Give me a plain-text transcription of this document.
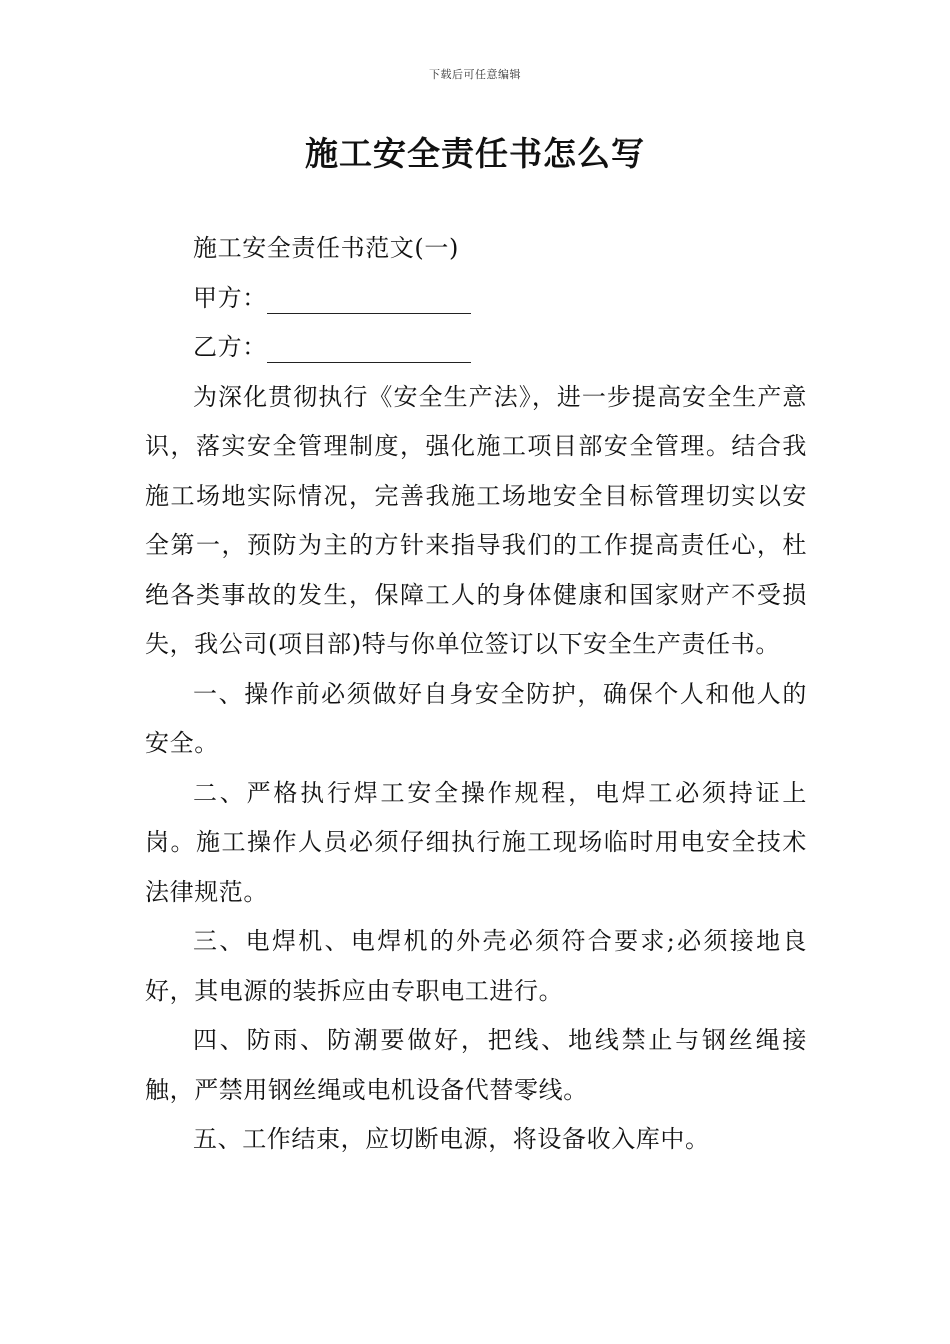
下载后可任意编辑
施工安全责任书怎么写

施工安全责任书范文(一)

甲方：

乙方：

为深化贯彻执行《安全生产法》，进一步提高安全生产意识，落实安全管理制度，强化施工项目部安全管理。结合我施工场地实际情况，完善我施工场地安全目标管理切实以安全第一，预防为主的方针来指导我们的工作提高责任心，杜绝各类事故的发生，保障工人的身体健康和国家财产不受损失，我公司(项目部)特与你单位签订以下安全生产责任书。

一、操作前必须做好自身安全防护，确保个人和他人的安全。

二、严格执行焊工安全操作规程，电焊工必须持证上岗。施工操作人员必须仔细执行施工现场临时用电安全技术法律规范。

三、电焊机、电焊机的外壳必须符合要求;必须接地良好，其电源的装拆应由专职电工进行。

四、防雨、防潮要做好，把线、地线禁止与钢丝绳接触，严禁用钢丝绳或电机设备代替零线。

五、工作结束，应切断电源，将设备收入库中。
